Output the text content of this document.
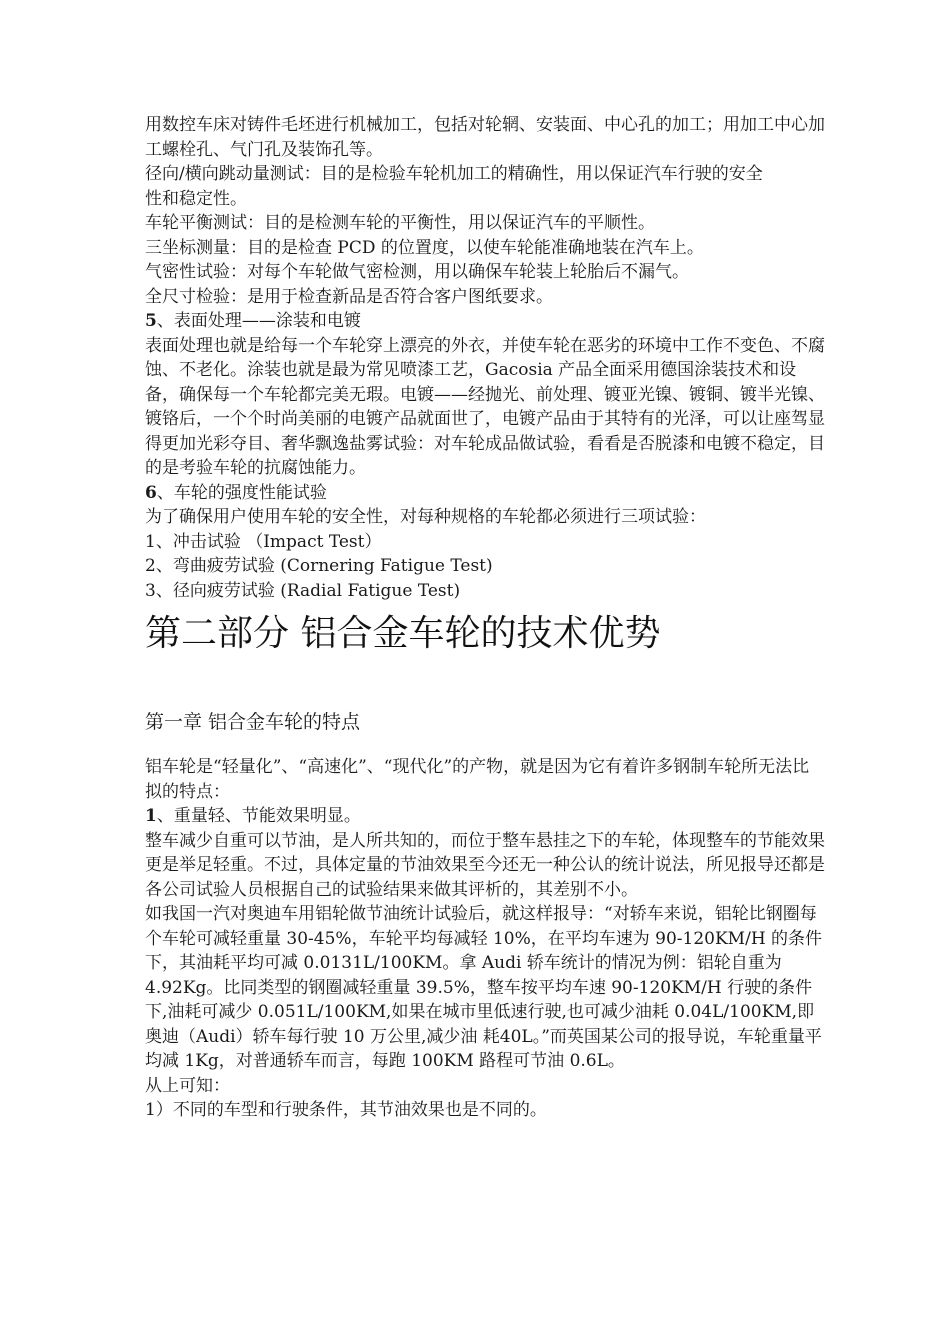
用数控车床对铸件毛坯进行机械加工，包括对轮辋、安装面、中心孔的加工；用加工中心加工螺栓孔、气门孔及装饰孔等。

径向/横向跳动量测试：目的是检验车轮机加工的精确性，用以保证汽车行驶的安全

性和稳定性。

车轮平衡测试：目的是检测车轮的平衡性，用以保证汽车的平顺性。

三坐标测量：目的是检查 PCD 的位置度，以使车轮能准确地装在汽车上。

气密性试验：对每个车轮做气密检测，用以确保车轮装上轮胎后不漏气。

全尺寸检验：是用于检查新品是否符合客户图纸要求。

5、表面处理——涂装和电镀

表面处理也就是给每一个车轮穿上漂亮的外衣，并使车轮在恶劣的环境中工作不变色、不腐蚀、不老化。涂装也就是最为常见喷漆工艺，Gacosia 产品全面采用德国涂装技术和设备，确保每一个车轮都完美无瑕。电镀——经抛光、前处理、镀亚光镍、镀铜、镀半光镍、镀铬后，一个个时尚美丽的电镀产品就面世了，电镀产品由于其特有的光泽，可以让座驾显得更加光彩夺目、奢华飘逸盐雾试验：对车轮成品做试验，看看是否脱漆和电镀不稳定，目的是考验车轮的抗腐蚀能力。

6、车轮的强度性能试验

为了确保用户使用车轮的安全性，对每种规格的车轮都必须进行三项试验：

1、冲击试验 （Impact Test）

2、弯曲疲劳试验 (Cornering Fatigue Test)

3、径向疲劳试验 (Radial Fatigue Test)

第二部分 铝合金车轮的技术优势
第一章 铝合金车轮的特点

铝车轮是“轻量化”、“高速化”、“现代化”的产物，就是因为它有着许多钢制车轮所无法比拟的特点：

1、重量轻、节能效果明显。

整车减少自重可以节油，是人所共知的，而位于整车悬挂之下的车轮，体现整车的节能效果更是举足轻重。不过，具体定量的节油效果至今还无一种公认的统计说法，所见报导还都是各公司试验人员根据自己的试验结果来做其评析的，其差别不小。

如我国一汽对奥迪车用铝轮做节油统计试验后，就这样报导：“对轿车来说，铝轮比钢圈每个车轮可减轻重量 30-45%，车轮平均每减轻 10%，在平均车速为 90-120KM/H 的条件下，其油耗平均可减 0.0131L/100KM。拿 Audi 轿车统计的情况为例：铝轮自重为 4.92Kg。比同类型的钢圈减轻重量 39.5%，整车按平均车速 90-120KM/H 行驶的条件下,油耗可减少 0.051L/100KM,如果在城市里低速行驶,也可减少油耗 0.04L/100KM,即奥迪（Audi）轿车每行驶 10 万公里,减少油 耗40L。”而英国某公司的报导说，车轮重量平均减 1Kg，对普通轿车而言，每跑 100KM 路程可节油 0.6L。

从上可知：

1）不同的车型和行驶条件，其节油效果也是不同的。
